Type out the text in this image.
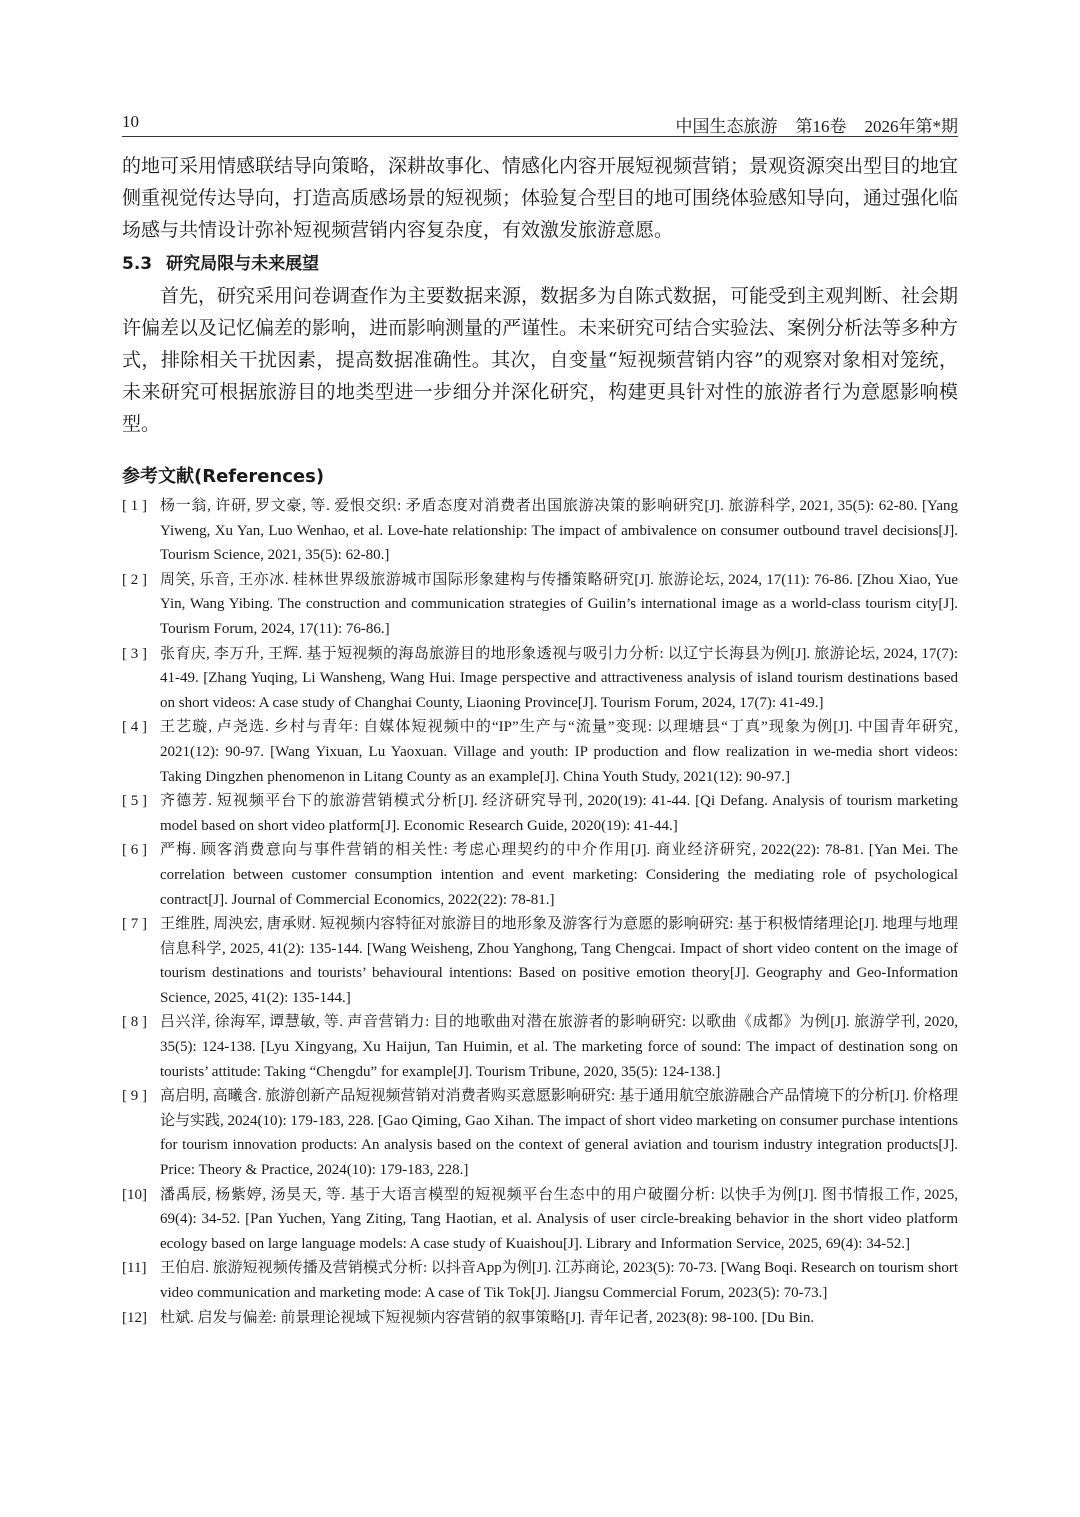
10	中国生态旅游 第16卷 2026年第*期

的地可采用情感联结导向策略，深耕故事化、情感化内容开展短视频营销；景观资源突出型目的地宜侧重视觉传达导向，打造高质感场景的短视频；体验复合型目的地可围绕体验感知导向，通过强化临场感与共情设计弥补短视频营销内容复杂度，有效激发旅游意愿。

5.3 研究局限与未来展望

首先，研究采用问卷调查作为主要数据来源，数据多为自陈式数据，可能受到主观判断、社会期许偏差以及记忆偏差的影响，进而影响测量的严谨性。未来研究可结合实验法、案例分析法等多种方式，排除相关干扰因素，提高数据准确性。其次，自变量“短视频营销内容”的观察对象相对笼统，未来研究可根据旅游目的地类型进一步细分并深化研究，构建更具针对性的旅游者行为意愿影响模型。

参考文献(References)
[ 1 ] 杨一翁, 许研, 罗文豪, 等. 爱恨交织: 矛盾态度对消费者出国旅游决策的影响研究[J]. 旅游科学, 2021, 35(5): 62-80. [Yang Yiweng, Xu Yan, Luo Wenhao, et al. Love-hate relationship: The impact of ambivalence on consumer outbound travel decisions[J]. Tourism Science, 2021, 35(5): 62-80.]
[ 2 ] 周笑, 乐音, 王亦冰. 桂林世界级旅游城市国际形象建构与传播策略研究[J]. 旅游论坛, 2024, 17(11): 76-86. [Zhou Xiao, Yue Yin, Wang Yibing. The construction and communication strategies of Guilin’s international image as a world-class tourism city[J]. Tourism Forum, 2024, 17(11): 76-86.]
[ 3 ] 张育庆, 李万升, 王辉. 基于短视频的海岛旅游目的地形象透视与吸引力分析: 以辽宁长海县为例[J]. 旅游论坛, 2024, 17(7): 41-49. [Zhang Yuqing, Li Wansheng, Wang Hui. Image perspective and attractiveness analysis of island tourism destinations based on short videos: A case study of Changhai County, Liaoning Province[J]. Tourism Forum, 2024, 17(7): 41-49.]
[ 4 ] 王艺璇, 卢尧选. 乡村与青年: 自媒体短视频中的“IP”生产与“流量”变现: 以理塘县“丁真”现象为例[J]. 中国青年研究, 2021(12): 90-97. [Wang Yixuan, Lu Yaoxuan. Village and youth: IP production and flow realization in we-media short videos: Taking Dingzhen phenomenon in Litang County as an example[J]. China Youth Study, 2021(12): 90-97.]
[ 5 ] 齐德芳. 短视频平台下的旅游营销模式分析[J]. 经济研究导刊, 2020(19): 41-44. [Qi Defang. Analysis of tourism marketing model based on short video platform[J]. Economic Research Guide, 2020(19): 41-44.]
[ 6 ] 严梅. 顾客消费意向与事件营销的相关性: 考虑心理契约的中介作用[J]. 商业经济研究, 2022(22): 78-81. [Yan Mei. The correlation between customer consumption intention and event marketing: Considering the mediating role of psychological contract[J]. Journal of Commercial Economics, 2022(22): 78-81.]
[ 7 ] 王维胜, 周泱宏, 唐承财. 短视频内容特征对旅游目的地形象及游客行为意愿的影响研究: 基于积极情绪理论[J]. 地理与地理信息科学, 2025, 41(2): 135-144. [Wang Weisheng, Zhou Yanghong, Tang Chengcai. Impact of short video content on the image of tourism destinations and tourists’ behavioural intentions: Based on positive emotion theory[J]. Geography and Geo-Information Science, 2025, 41(2): 135-144.]
[ 8 ] 吕兴洋, 徐海军, 谭慧敏, 等. 声音营销力: 目的地歌曲对潜在旅游者的影响研究: 以歌曲《成都》为例[J]. 旅游学刊, 2020, 35(5): 124-138. [Lyu Xingyang, Xu Haijun, Tan Huimin, et al. The marketing force of sound: The impact of destination song on tourists’ attitude: Taking “Chengdu” for example[J]. Tourism Tribune, 2020, 35(5): 124-138.]
[ 9 ] 高启明, 高曦含. 旅游创新产品短视频营销对消费者购买意愿影响研究: 基于通用航空旅游融合产品情境下的分析[J]. 价格理论与实践, 2024(10): 179-183, 228. [Gao Qiming, Gao Xihan. The impact of short video marketing on consumer purchase intentions for tourism innovation products: An analysis based on the context of general aviation and tourism industry integration products[J]. Price: Theory & Practice, 2024(10): 179-183, 228.]
[10] 潘禹辰, 杨紫婷, 汤昊天, 等. 基于大语言模型的短视频平台生态中的用户破圈分析: 以快手为例[J]. 图书情报工作, 2025, 69(4): 34-52. [Pan Yuchen, Yang Ziting, Tang Haotian, et al. Analysis of user circle-breaking behavior in the short video platform ecology based on large language models: A case study of Kuaishou[J]. Library and Information Service, 2025, 69(4): 34-52.]
[11] 王伯启. 旅游短视频传播及营销模式分析: 以抖音App为例[J]. 江苏商论, 2023(5): 70-73. [Wang Boqi. Research on tourism short video communication and marketing mode: A case of Tik Tok[J]. Jiangsu Commercial Forum, 2023(5): 70-73.]
[12] 杜斌. 启发与偏差: 前景理论视域下短视频内容营销的叙事策略[J]. 青年记者, 2023(8): 98-100. [Du Bin.
